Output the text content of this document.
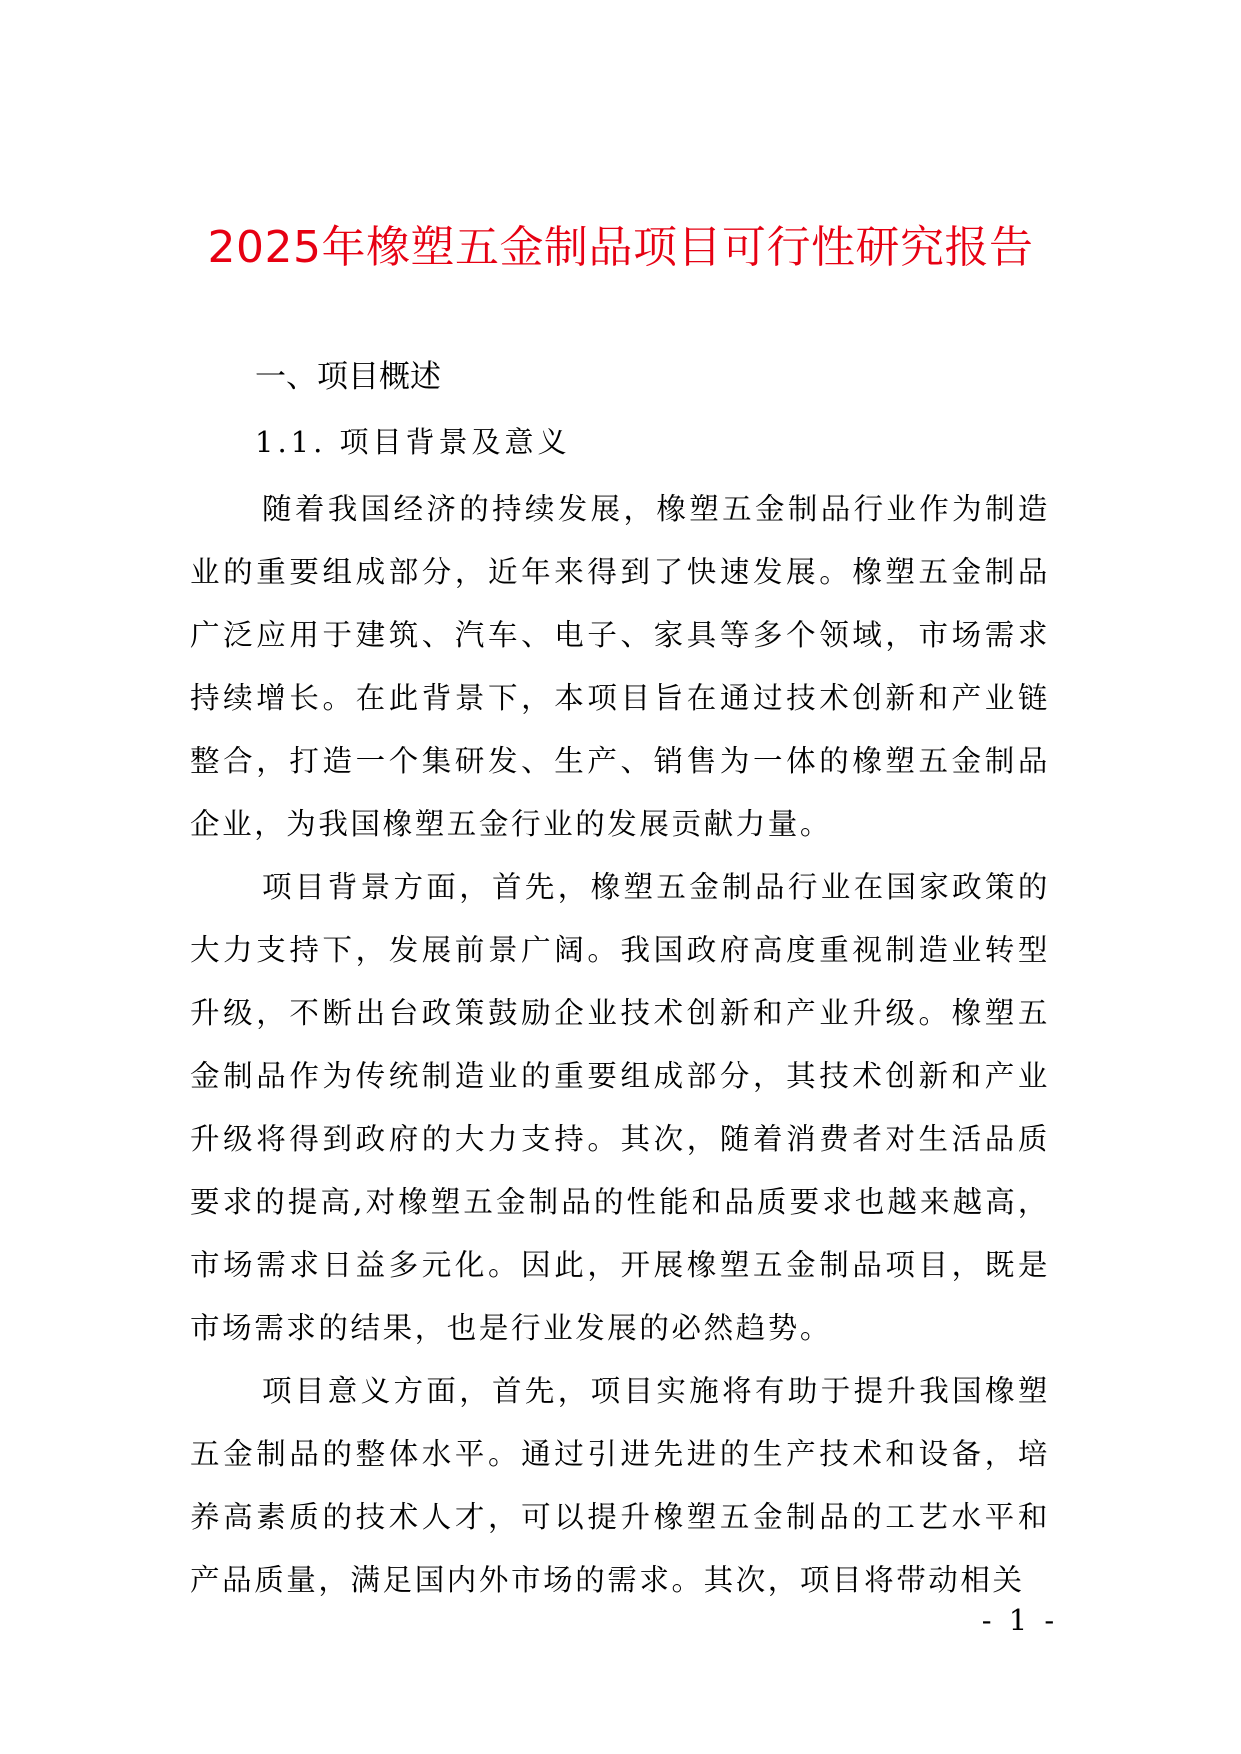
2025年橡塑五金制品项目可行性研究报告
一、项目概述
1.1. 项目背景及意义

随着我国经济的持续发展，橡塑五金制品行业作为制造业的重要组成部分，近年来得到了快速发展。橡塑五金制品广泛应用于建筑、汽车、电子、家具等多个领域，市场需求持续增长。在此背景下，本项目旨在通过技术创新和产业链整合，打造一个集研发、生产、销售为一体的橡塑五金制品企业，为我国橡塑五金行业的发展贡献力量。

项目背景方面，首先，橡塑五金制品行业在国家政策的大力支持下，发展前景广阔。我国政府高度重视制造业转型升级，不断出台政策鼓励企业技术创新和产业升级。橡塑五金制品作为传统制造业的重要组成部分，其技术创新和产业升级将得到政府的大力支持。其次，随着消费者对生活品质要求的提高,对橡塑五金制品的性能和品质要求也越来越高，市场需求日益多元化。因此，开展橡塑五金制品项目，既是市场需求的结果，也是行业发展的必然趋势。

项目意义方面，首先，项目实施将有助于提升我国橡塑五金制品的整体水平。通过引进先进的生产技术和设备，培养高素质的技术人才，可以提升橡塑五金制品的工艺水平和产品质量，满足国内外市场的需求。其次，项目将带动相关

- 1 -
